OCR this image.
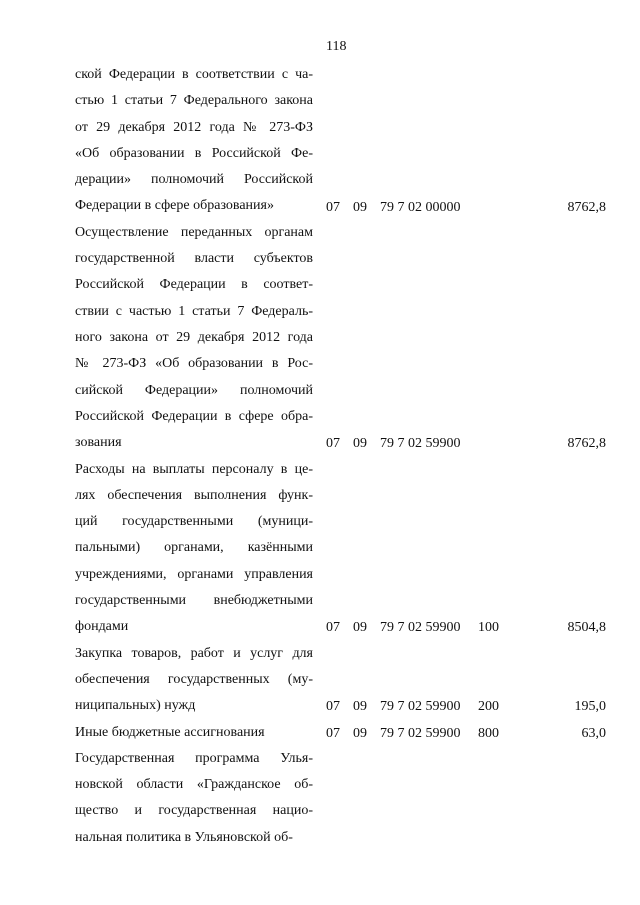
118
ской Федерации в соответствии с ча-
стью 1 статьи 7 Федерального закона
от 29 декабря 2012 года № 273-ФЗ
«Об образовании в Российской Фе-
дерации» полномочий Российской
Федерации в сфере образования»	07 09 79 7 02 00000	8762,8
Осуществление переданных органам
государственной власти субъектов
Российской Федерации в соответ-
ствии с частью 1 статьи 7 Федераль-
ного закона от 29 декабря 2012 года
№ 273-ФЗ «Об образовании в Рос-
сийской Федерации» полномочий
Российской Федерации в сфере обра-
зования	07 09 79 7 02 59900	8762,8
Расходы на выплаты персоналу в це-
лях обеспечения выполнения функ-
ций государственными (муници-
пальными) органами, казёнными
учреждениями, органами управления
государственными внебюджетными
фондами	07 09 79 7 02 59900 100	8504,8
Закупка товаров, работ и услуг для
обеспечения государственных (му-
ниципальных) нужд	07 09 79 7 02 59900 200	195,0
Иные бюджетные ассигнования	07 09 79 7 02 59900 800	63,0
Государственная программа Улья-
новской области «Гражданское об-
щество и государственная нацио-
нальная политика в Ульяновской об-
